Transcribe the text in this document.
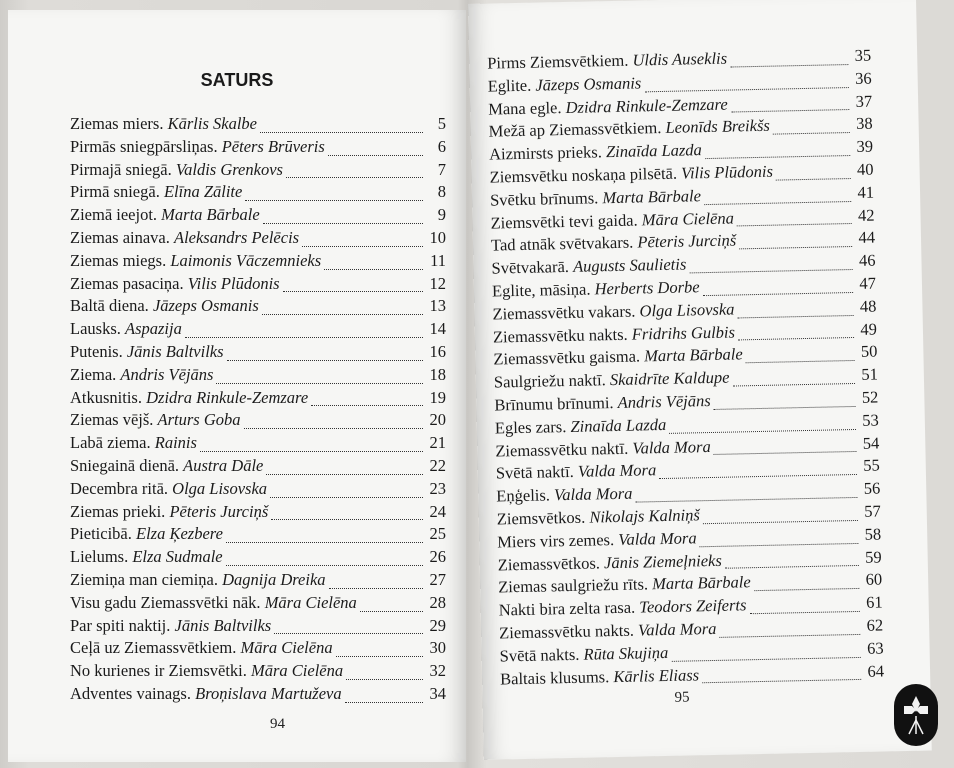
SATURS
Ziemas miers. Kārlis Skalbe	5
Pirmās sniegpārsliņas. Pēters Brūveris	6
Pirmajā sniegā. Valdis Grenkovs	7
Pirmā sniegā. Elīna Zālite	8
Ziemā ieejot. Marta Bārbale	9
Ziemas ainava. Aleksandrs Pelēcis	10
Ziemas miegs. Laimonis Vāczemnieks	11
Ziemas pasaciņa. Vilis Plūdonis	12
Baltā diena. Jāzeps Osmanis	13
Lausks. Aspazija	14
Putenis. Jānis Baltvilks	16
Ziema. Andris Vējāns	18
Atkusnitis. Dzidra Rinkule-Zemzare	19
Ziemas vējš. Arturs Goba	20
Labā ziema. Rainis	21
Sniegainā dienā. Austra Dāle	22
Decembra ritā. Olga Lisovska	23
Ziemas prieki. Pēteris Jurciņš	24
Pieticibā. Elza Ķezbere	25
Lielums. Elza Sudmale	26
Ziemiņa man ciemiņa. Dagnija Dreika	27
Visu gadu Ziemassvētki nāk. Māra Cielēna	28
Par spiti naktij. Jānis Baltvilks	29
Ceļā uz Ziemassvētkiem. Māra Cielēna	30
No kurienes ir Ziemsvētki. Māra Cielēna	32
Adventes vainags. Broņislava Martuževa	34
94
Pirms Ziemsvētkiem. Uldis Auseklis	35
Eglite. Jāzeps Osmanis	36
Mana egle. Dzidra Rinkule-Zemzare	37
Mežā ap Ziemassvētkiem. Leonīds Breikšs	38
Aizmirsts prieks. Zinaīda Lazda	39
Ziemsvētku noskaņa pilsētā. Vilis Plūdonis	40
Svētku brīnums. Marta Bārbale	41
Ziemsvētki tevi gaida. Māra Cielēna	42
Tad atnāk svētvakars. Pēteris Jurciņš	44
Svētvakarā. Augusts Saulietis	46
Eglite, māsiņa. Herberts Dorbe	47
Ziemassvētku vakars. Olga Lisovska	48
Ziemassvētku nakts. Fridrihs Gulbis	49
Ziemassvētku gaisma. Marta Bārbale	50
Saulgriežu naktī. Skaidrīte Kaldupe	51
Brīnumu brīnumi. Andris Vējāns	52
Egles zars. Zinaīda Lazda	53
Ziemassvētku naktī. Valda Mora	54
Svētā naktī. Valda Mora	55
Eņģelis. Valda Mora	56
Ziemsvētkos. Nikolajs Kalniņš	57
Miers virs zemes. Valda Mora	58
Ziemassvētkos. Jānis Ziemeļnieks	59
Ziemas saulgriežu rīts. Marta Bārbale	60
Nakti bira zelta rasa. Teodors Zeiferts	61
Ziemassvētku nakts. Valda Mora	62
Svētā nakts. Rūta Skujiņa	63
Baltais klusums. Kārlis Eliass	64
95
